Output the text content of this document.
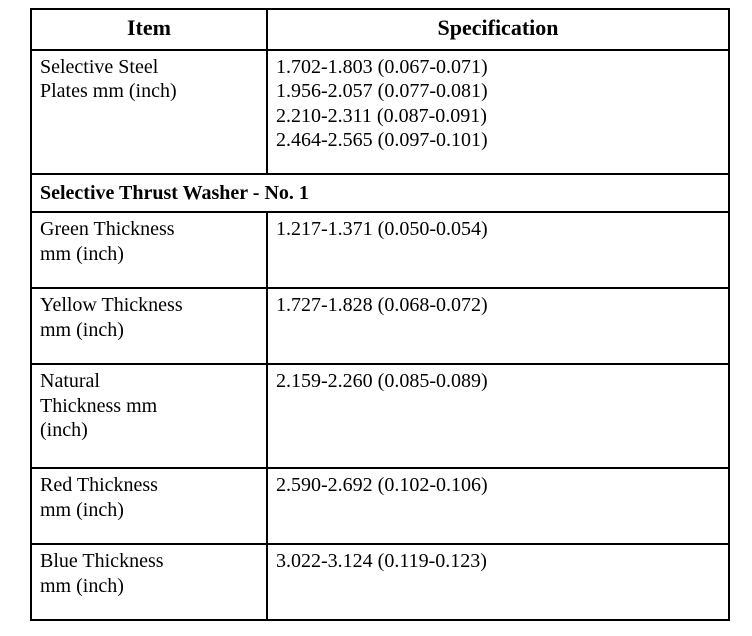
Item	Specification

Selective Steel
Plates mm (inch)	1.702-1.803 (0.067-0.071)
1.956-2.057 (0.077-0.081)
2.210-2.311 (0.087-0.091)
2.464-2.565 (0.097-0.101)

Selective Thrust Washer - No. 1	

Green Thickness
mm (inch)	1.217-1.371 (0.050-0.054)

Yellow Thickness
mm (inch)	1.727-1.828 (0.068-0.072)

Natural
Thickness mm
(inch)	2.159-2.260 (0.085-0.089)

Red Thickness
mm (inch)	2.590-2.692 (0.102-0.106)

Blue Thickness
mm (inch)	3.022-3.124 (0.119-0.123)
